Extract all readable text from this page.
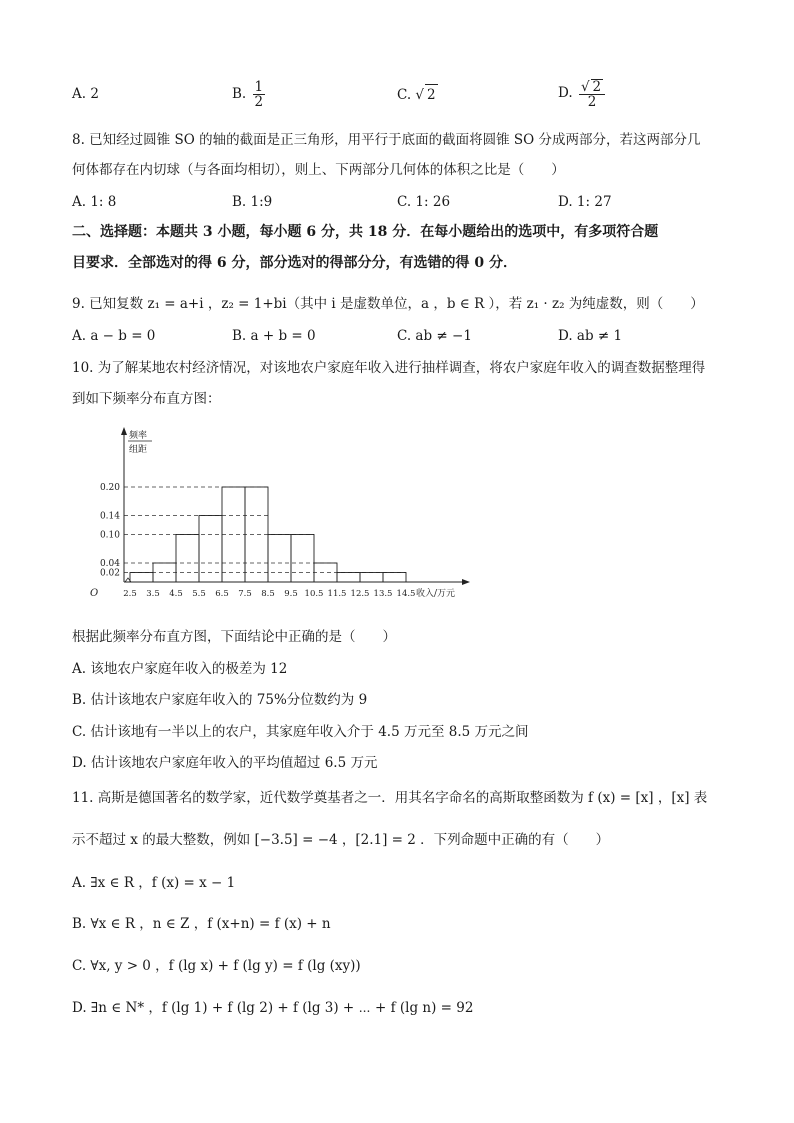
A. 2	B. $\frac{1}{2}$	C. √ 2	D. $\frac{√ 2}{2}$
8. 已知经过圆锥 SO 的轴的截面是正三角形，用平行于底面的截面将圆锥 SO 分成两部分，若这两部分几
何体都存在内切球（与各面均相切），则上、下两部分几何体的体积之比是（　　）
A. 1: 8	B. 1:9	C. 1: 26	D. 1: 27
二、选择题：本题共 3 小题，每小题 6 分，共 18 分．在每小题给出的选项中，有多项符合题
目要求．全部选对的得 6 分，部分选对的得部分分，有选错的得 0 分．
9. 已知复数 z₁ = a+i ，z₂ = 1+bi（其中 i 是虚数单位，a ，b ∈ R ），若 z₁ · z₂ 为纯虚数，则（　　）
A. a − b = 0	B. a + b = 0	C. ab ≠ −1	D. ab ≠ 1
10. 为了解某地农村经济情况，对该地农户家庭年收入进行抽样调查，将农户家庭年收入的调查数据整理得
到如下频率分布直方图：
0.02
0.04
0.10
0.14
0.20
频率
组距
O	2.5 3.5 4.5 5.5 6.5 7.5 8.5 9.5 10.5 11.5 12.5 13.5 14.5 收入/万元
根据此频率分布直方图，下面结论中正确的是（　　）
A. 该地农户家庭年收入的极差为 12
B. 估计该地农户家庭年收入的 75%分位数约为 9
C. 估计该地有一半以上的农户，其家庭年收入介于 4.5 万元至 8.5 万元之间
D. 估计该地农户家庭年收入的平均值超过 6.5 万元
11. 高斯是德国著名的数学家，近代数学奠基者之一．用其名字命名的高斯取整函数为 f (x) = [x] ，[x] 表
示不超过 x 的最大整数，例如 [−3.5] = −4 ，[2.1] = 2 ．下列命题中正确的有（　　）
A. ∃x ∈ R ，f (x) = x − 1
B. ∀x ∈ R ，n ∈ Z ，f (x+n) = f (x) + n
C. ∀x, y > 0 ，f (lg x) + f (lg y) = f (lg (xy))
D. ∃n ∈ N* ，f (lg 1) + f (lg 2) + f (lg 3) + ⋯ + f (lg n) = 92
